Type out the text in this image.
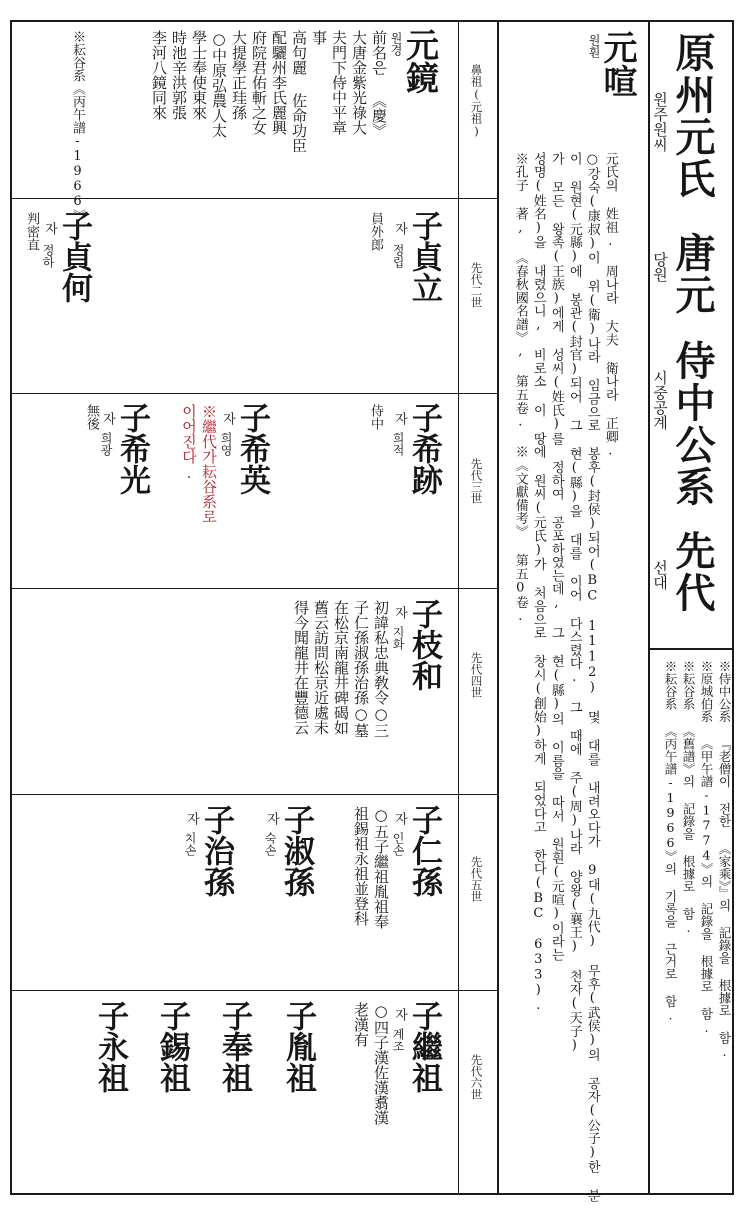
原州元氏
원주원씨
唐元
당원
侍中公系
시중공계
先代
선대
※侍中公系 『老僧이 전한 《家乘》』의 記錄을 根據로 함.
※原城伯系 《甲午譜-1774》의 記錄을 根據로 함.
※耘谷系 《舊譜》의 記錄을 根據로 함.
※耘谷系 《丙午譜-1966》의 기록을 근거로 함.
元喧
원훤
元氏의 姓祖. 周나라 大夫 衛나라 正卿.
○강숙(康叔)이 위(衛)나라 임금으로 봉후(封侯)되어(BC 1112) 몇 대를 내려오다가 9대(九代) 무후(武侯)의 공자(公子)한 분
이 원현(元縣)에 봉관(封官)되어 그 현(縣)을 대를 이어 다스렸다. 그 때에 주(周)나라 양왕(襄王) 천자(天子)
가 모든 왕족(王族)에게 성씨(姓氏)를 정하여 공포하였는데, 그 현(縣)의 이름을 따서 원훤(元喧)이라는
성명(姓名)을 내렸으니, 비로소 이 땅에 원씨(元氏)가 처음으로 창시(創始)하게 되었다고 한다(BC 633).
※孔子 著, 《春秋國名譜》, 第五卷. ※《文獻備考》 第五0卷.
鼻祖(元祖)
先代二世
先代三世
先代四世
先代五世
先代六世
元鏡
원경
前名은 《慶》
大唐金紫光祿大
夫門下侍中平章
事
高句麗 佐命功臣
配驪州李氏麗興
府院君佑斬之女
大提學正珪孫
○中原弘農人太
學士奉使東來
時池辛洪郭張
李河八鏡同來
※耘谷系《丙午譜-1966》
子貞立
자
정립
員外郎
子貞何
자
정하
判密直
子希跡
자
희적
侍中
子希英
자
희영
※繼代가耘谷系로
이어진다.
子希光
자
희광
無後
子枝和
자
지화
初諱私忠典敎令○三
子仁孫淑孫治孫○墓
在松京南龍井碑碣如
舊云訪問松京近處未
得今聞龍井在豐德云
子仁孫
자
인손
○五子繼祖胤祖奉
祖錫祖永祖並登科
子淑孫
자
숙손
子治孫
자
치손
子繼祖
자
계조
○四子漢佐漢翥漢
老漢有
子胤祖
子奉祖
子錫祖
子永祖
